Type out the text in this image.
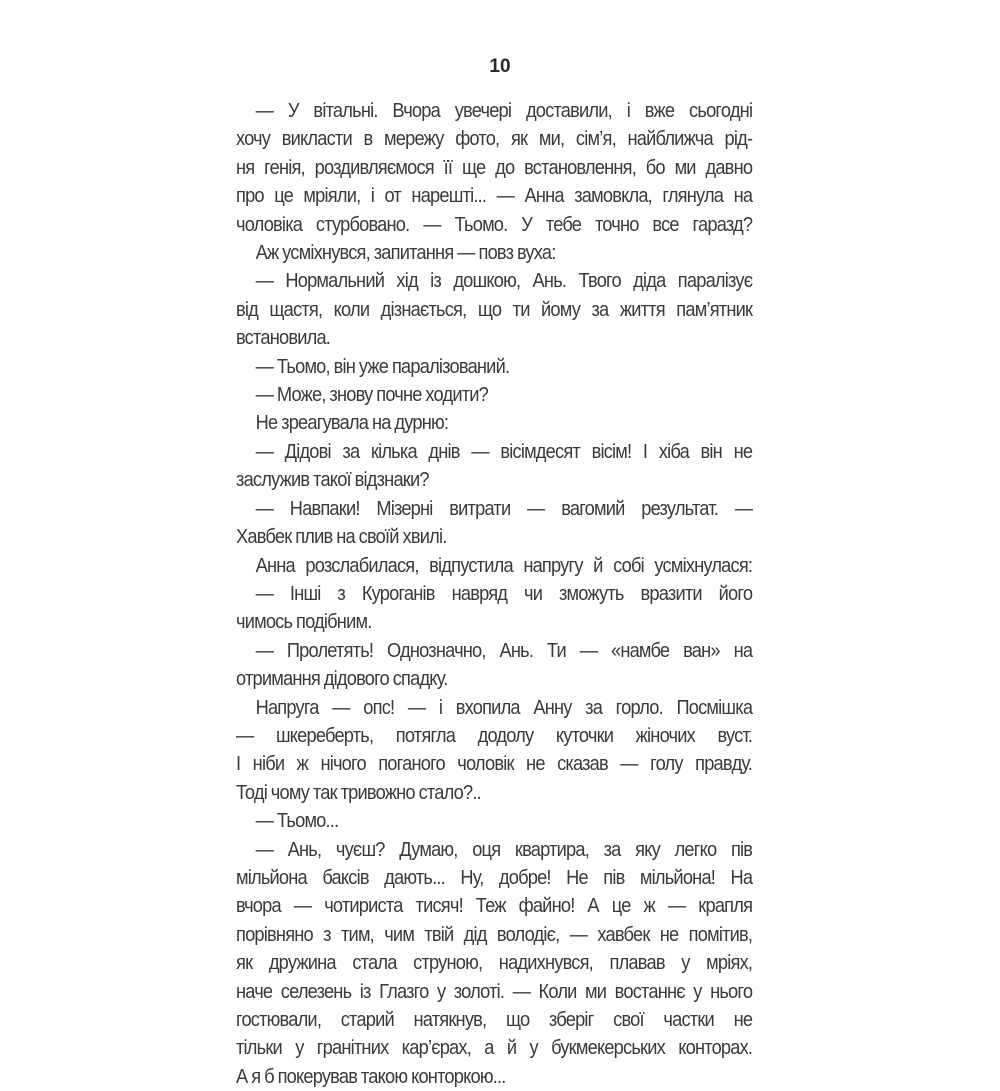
10
— У вітальні. Вчора увечері доставили, і вже сьогодні
хочу викласти в мережу фото, як ми, сім’я, найближча рід-
ня генія, роздивляємося її ще до встановлення, бо ми давно
про це мріяли, і от нарешті... — Анна замовкла, глянула на
чоловіка стурбовано. — Тьомо. У тебе точно все гаразд?
Аж усміхнувся, запитання — повз вуха:
— Нормальний хід із дошкою, Ань. Твого діда паралізує
від щастя, коли дізнається, що ти йому за життя пам’ятник
встановила.
— Тьомо, він уже паралізований.
— Може, знову почне ходити?
Не зреагувала на дурню:
— Дідові за кілька днів — вісімдесят вісім! І хіба він не
заслужив такої відзнаки?
— Навпаки! Мізерні витрати — вагомий результат. —
Хавбек плив на своїй хвилі.
Анна розслабилася, відпустила напругу й собі усміхнулася:
— Інші з Куроганів навряд чи зможуть вразити його
чимось подібним.
— Пролетять! Однозначно, Ань. Ти — «намбе ван» на
отримання дідового спадку.
Напруга — опс! — і вхопила Анну за горло. Посмішка
— шкереберть, потягла додолу куточки жіночих вуст.
І ніби ж нічого поганого чоловік не сказав — голу правду.
Тоді чому так тривожно стало?..
— Тьомо...
— Ань, чуєш? Думаю, оця квартира, за яку легко пів
мільйона баксів дають... Ну, добре! Не пів мільйона! На
вчора — чотириста тисяч! Теж файно! А це ж — крапля
порівняно з тим, чим твій дід володіє, — хавбек не помітив,
як дружина стала струною, надихнувся, плавав у мріях,
наче селезень із Глазго у золоті. — Коли ми востаннє у нього
гостювали, старий натякнув, що зберіг свої частки не
тільки у гранітних кар’єрах, а й у букмекерських конторах.
А я б покерував такою конторкою...
